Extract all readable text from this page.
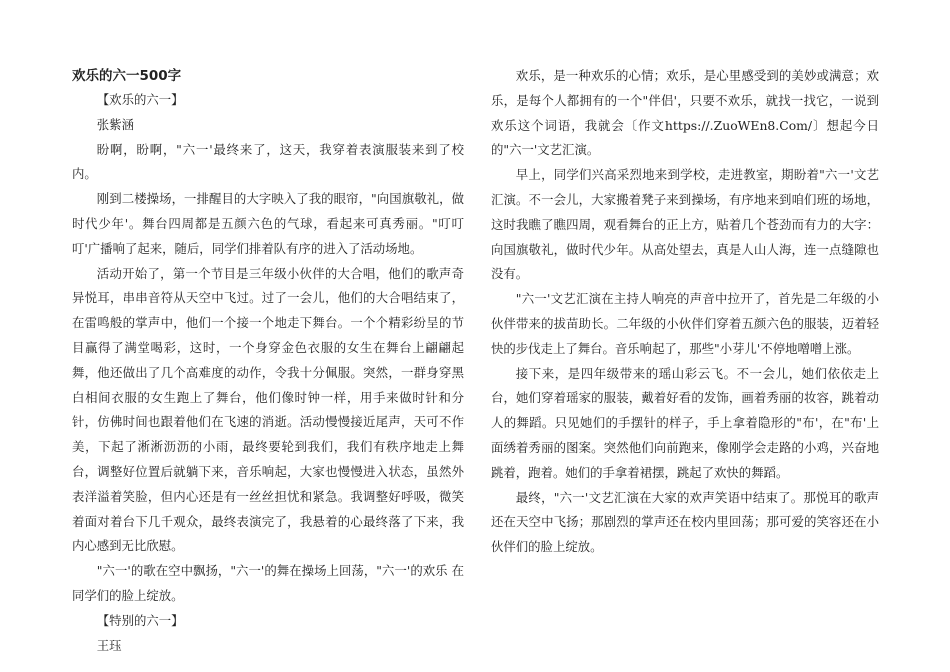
欢乐的六一500字

【欢乐的六一】

张紫涵

盼啊，盼啊，"六一'最终来了，这天，我穿着表演服装来到了校内。

刚到二楼操场，一排醒目的大字映入了我的眼帘，"向国旗敬礼，做时代少年'。舞台四周都是五颜六色的气球，看起来可真秀丽。"叮叮叮'广播响了起来，随后，同学们排着队有序的进入了活动场地。

活动开始了，第一个节目是三年级小伙伴的大合唱，他们的歌声奇异悦耳，串串音符从天空中飞过。过了一会儿，他们的大合唱结束了，在雷鸣般的掌声中，他们一个接一个地走下舞台。一个个精彩纷呈的节目赢得了满堂喝彩，这时，一个身穿金色衣服的女生在舞台上翩翩起舞，他还做出了几个高难度的动作，令我十分佩服。突然，一群身穿黑白相间衣服的女生跑上了舞台，他们像时钟一样，用手来做时针和分针，仿佛时间也跟着他们在飞速的消逝。活动慢慢接近尾声，天可不作美，下起了淅淅沥沥的小雨，最终要轮到我们，我们有秩序地走上舞台，调整好位置后就躺下来，音乐响起，大家也慢慢进入状态，虽然外表洋溢着笑脸，但内心还是有一丝丝担忧和紧急。我调整好呼吸，微笑着面对着台下几千观众，最终表演完了，我悬着的心最终落了下来，我内心感到无比欣慰。

"六一'的歌在空中飘扬，"六一'的舞在操场上回荡，"六一'的欢乐 在同学们的脸上绽放。

【特别的六一】

王珏

欢乐，是一种欢乐的心情；欢乐，是心里感受到的美妙或满意；欢乐，是每个人都拥有的一个"伴侣'，只要不欢乐，就找一找它，一说到欢乐这个词语，我就会〔作文https://.ZuoWEn8.Com/〕想起今日的"六一'文艺汇演。

早上，同学们兴高采烈地来到学校，走进教室，期盼着"六一'文艺汇演。不一会儿，大家搬着凳子来到操场，有序地来到咱们班的场地，这时我瞧了瞧四周，观看舞台的正上方，贴着几个苍劲而有力的大字：向国旗敬礼，做时代少年。从高处望去，真是人山人海，连一点缝隙也没有。

"六一'文艺汇演在主持人响亮的声音中拉开了，首先是二年级的小伙伴带来的拔苗助长。二年级的小伙伴们穿着五颜六色的服装，迈着轻快的步伐走上了舞台。音乐响起了，那些"小芽儿'不停地噌噌上涨。

接下来，是四年级带来的瑶山彩云飞。不一会儿，她们依依走上台，她们穿着瑶家的服装，戴着好看的发饰，画着秀丽的妆容，跳着动人的舞蹈。只见她们的手摆针的样子，手上拿着隐形的"布'，在"布'上面绣着秀丽的图案。突然他们向前跑来，像刚学会走路的小鸡，兴奋地跳着，跑着。她们的手拿着裙摆，跳起了欢快的舞蹈。

最终，"六一'文艺汇演在大家的欢声笑语中结束了。那悦耳的歌声还在天空中飞扬；那剧烈的掌声还在校内里回荡；那可爱的笑容还在小伙伴们的脸上绽放。
